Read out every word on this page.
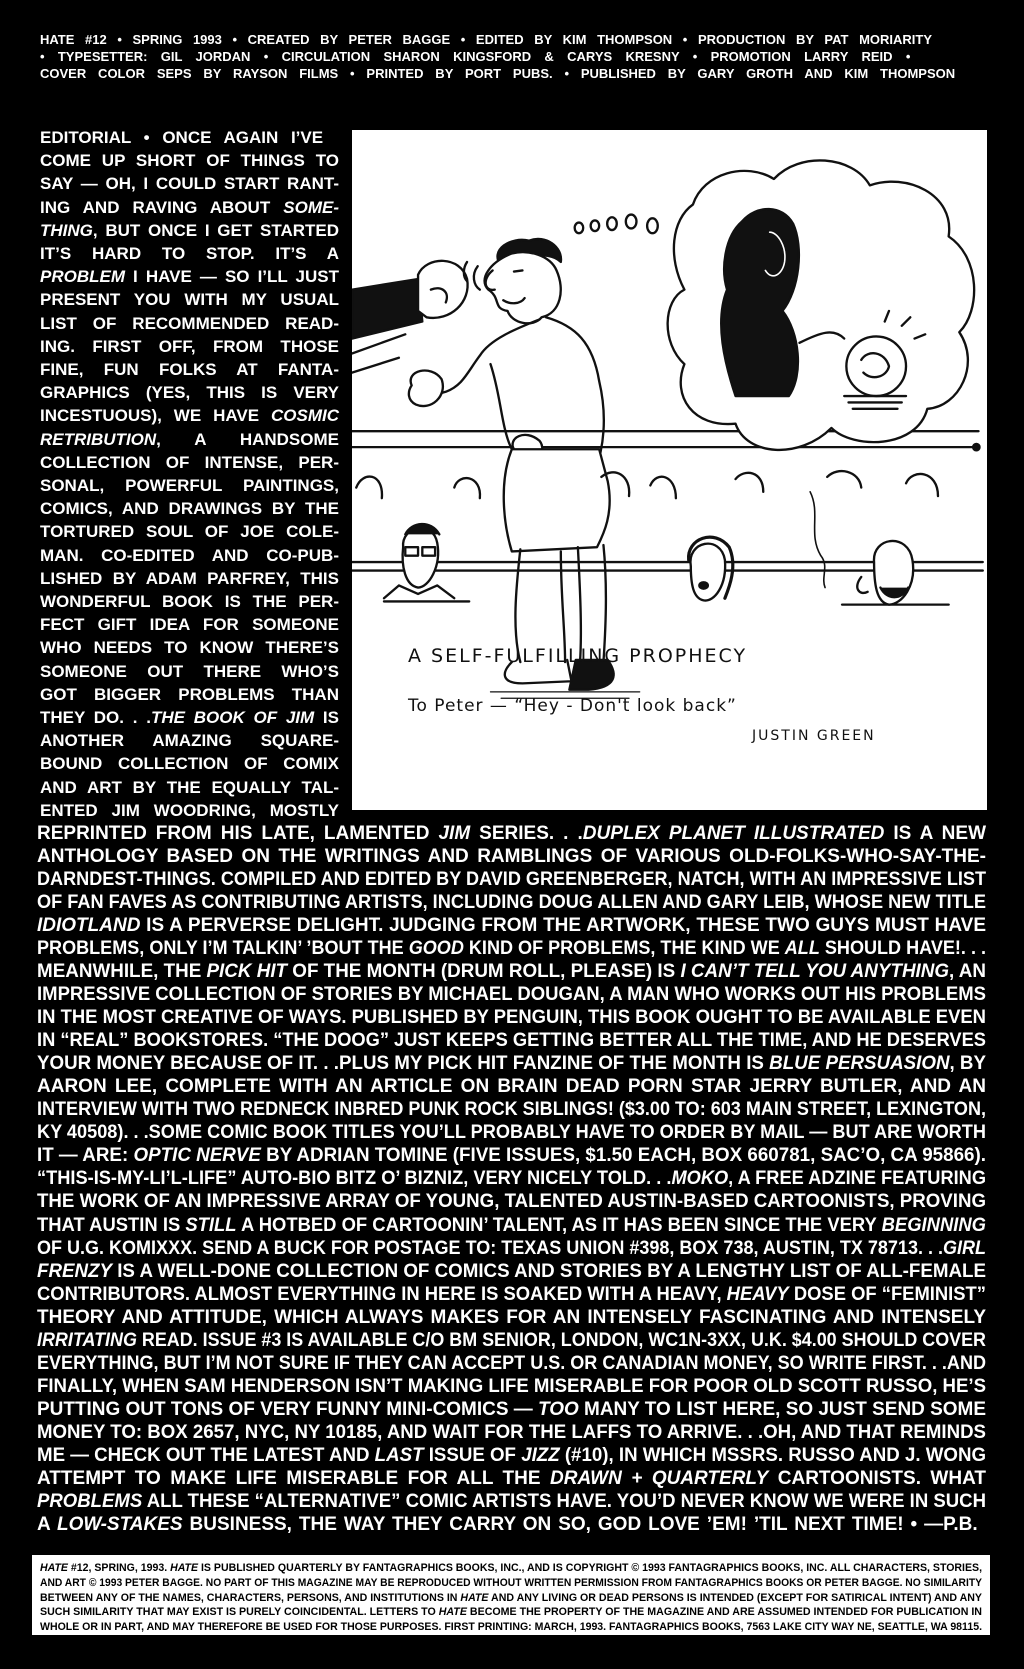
A SELF-FULFILLING PROPHECY
To Peter — “Hey - Don't look back”
JUSTIN GREEN
HATE #12 • SPRING 1993 • CREATED BY PETER BAGGE • EDITED BY KIM THOMPSON • PRODUCTION BY PAT MORIARITY
• TYPESETTER: GIL JORDAN • CIRCULATION SHARON KINGSFORD & CARYS KRESNY • PROMOTION LARRY REID •
COVER COLOR SEPS BY RAYSON FILMS • PRINTED BY PORT PUBS. • PUBLISHED BY GARY GROTH AND KIM THOMPSON
EDITORIAL • ONCE AGAIN I’VE
COME UP SHORT OF THINGS TO
SAY — OH, I COULD START RANT-
ING AND RAVING ABOUT SOME-
THING, BUT ONCE I GET STARTED
IT’S HARD TO STOP. IT’S A
PROBLEM I HAVE — SO I’LL JUST
PRESENT YOU WITH MY USUAL
LIST OF RECOMMENDED READ-
ING. FIRST OFF, FROM THOSE
FINE, FUN FOLKS AT FANTA-
GRAPHICS (YES, THIS IS VERY
INCESTUOUS), WE HAVE COSMIC
RETRIBUTION, A HANDSOME
COLLECTION OF INTENSE, PER-
SONAL, POWERFUL PAINTINGS,
COMICS, AND DRAWINGS BY THE
TORTURED SOUL OF JOE COLE-
MAN. CO-EDITED AND CO-PUB-
LISHED BY ADAM PARFREY, THIS
WONDERFUL BOOK IS THE PER-
FECT GIFT IDEA FOR SOMEONE
WHO NEEDS TO KNOW THERE’S
SOMEONE OUT THERE WHO’S
GOT BIGGER PROBLEMS THAN
THEY DO. . .THE BOOK OF JIM IS
ANOTHER AMAZING SQUARE-
BOUND COLLECTION OF COMIX
AND ART BY THE EQUALLY TAL-
ENTED JIM WOODRING, MOSTLY
REPRINTED FROM HIS LATE, LAMENTED JIM SERIES. . .DUPLEX PLANET ILLUSTRATED IS A NEW
ANTHOLOGY BASED ON THE WRITINGS AND RAMBLINGS OF VARIOUS OLD-FOLKS-WHO-SAY-THE-
DARNDEST-THINGS. COMPILED AND EDITED BY DAVID GREENBERGER, NATCH, WITH AN IMPRESSIVE LIST
OF FAN FAVES AS CONTRIBUTING ARTISTS, INCLUDING DOUG ALLEN AND GARY LEIB, WHOSE NEW TITLE
IDIOTLAND IS A PERVERSE DELIGHT. JUDGING FROM THE ARTWORK, THESE TWO GUYS MUST HAVE
PROBLEMS, ONLY I’M TALKIN’ ’BOUT THE GOOD KIND OF PROBLEMS, THE KIND WE ALL SHOULD HAVE!. . .
MEANWHILE, THE PICK HIT OF THE MONTH (DRUM ROLL, PLEASE) IS I CAN’T TELL YOU ANYTHING, AN
IMPRESSIVE COLLECTION OF STORIES BY MICHAEL DOUGAN, A MAN WHO WORKS OUT HIS PROBLEMS
IN THE MOST CREATIVE OF WAYS. PUBLISHED BY PENGUIN, THIS BOOK OUGHT TO BE AVAILABLE EVEN
IN “REAL” BOOKSTORES. “THE DOOG” JUST KEEPS GETTING BETTER ALL THE TIME, AND HE DESERVES
YOUR MONEY BECAUSE OF IT. . .PLUS MY PICK HIT FANZINE OF THE MONTH IS BLUE PERSUASION, BY
AARON LEE, COMPLETE WITH AN ARTICLE ON BRAIN DEAD PORN STAR JERRY BUTLER, AND AN
INTERVIEW WITH TWO REDNECK INBRED PUNK ROCK SIBLINGS! ($3.00 TO: 603 MAIN STREET, LEXINGTON,
KY 40508). . .SOME COMIC BOOK TITLES YOU’LL PROBABLY HAVE TO ORDER BY MAIL — BUT ARE WORTH
IT — ARE: OPTIC NERVE BY ADRIAN TOMINE (FIVE ISSUES, $1.50 EACH, BOX 660781, SAC’O, CA 95866).
“THIS-IS-MY-LI’L-LIFE” AUTO-BIO BITZ O’ BIZNIZ, VERY NICELY TOLD. . .MOKO, A FREE ADZINE FEATURING
THE WORK OF AN IMPRESSIVE ARRAY OF YOUNG, TALENTED AUSTIN-BASED CARTOONISTS, PROVING
THAT AUSTIN IS STILL A HOTBED OF CARTOONIN’ TALENT, AS IT HAS BEEN SINCE THE VERY BEGINNING
OF U.G. KOMIXXX. SEND A BUCK FOR POSTAGE TO: TEXAS UNION #398, BOX 738, AUSTIN, TX 78713. . .GIRL
FRENZY IS A WELL-DONE COLLECTION OF COMICS AND STORIES BY A LENGTHY LIST OF ALL-FEMALE
CONTRIBUTORS. ALMOST EVERYTHING IN HERE IS SOAKED WITH A HEAVY, HEAVY DOSE OF “FEMINIST”
THEORY AND ATTITUDE, WHICH ALWAYS MAKES FOR AN INTENSELY FASCINATING AND INTENSELY
IRRITATING READ. ISSUE #3 IS AVAILABLE C/O BM SENIOR, LONDON, WC1N-3XX, U.K. $4.00 SHOULD COVER
EVERYTHING, BUT I’M NOT SURE IF THEY CAN ACCEPT U.S. OR CANADIAN MONEY, SO WRITE FIRST. . .AND
FINALLY, WHEN SAM HENDERSON ISN’T MAKING LIFE MISERABLE FOR POOR OLD SCOTT RUSSO, HE’S
PUTTING OUT TONS OF VERY FUNNY MINI-COMICS — TOO MANY TO LIST HERE, SO JUST SEND SOME
MONEY TO: BOX 2657, NYC, NY 10185, AND WAIT FOR THE LAFFS TO ARRIVE. . .OH, AND THAT REMINDS
ME — CHECK OUT THE LATEST AND LAST ISSUE OF JIZZ (#10), IN WHICH MSSRS. RUSSO AND J. WONG
ATTEMPT TO MAKE LIFE MISERABLE FOR ALL THE DRAWN + QUARTERLY CARTOONISTS. WHAT
PROBLEMS ALL THESE “ALTERNATIVE” COMIC ARTISTS HAVE. YOU’D NEVER KNOW WE WERE IN SUCH
A LOW-STAKES BUSINESS, THE WAY THEY CARRY ON SO, GOD LOVE ’EM! ’TIL NEXT TIME! • —P.B.
HATE #12, SPRING, 1993. HATE IS PUBLISHED QUARTERLY BY FANTAGRAPHICS BOOKS, INC., AND IS COPYRIGHT © 1993 FANTAGRAPHICS BOOKS, INC. ALL CHARACTERS, STORIES,
AND ART © 1993 PETER BAGGE. NO PART OF THIS MAGAZINE MAY BE REPRODUCED WITHOUT WRITTEN PERMISSION FROM FANTAGRAPHICS BOOKS OR PETER BAGGE. NO SIMILARITY
BETWEEN ANY OF THE NAMES, CHARACTERS, PERSONS, AND INSTITUTIONS IN HATE AND ANY LIVING OR DEAD PERSONS IS INTENDED (EXCEPT FOR SATIRICAL INTENT) AND ANY
SUCH SIMILARITY THAT MAY EXIST IS PURELY COINCIDENTAL. LETTERS TO HATE BECOME THE PROPERTY OF THE MAGAZINE AND ARE ASSUMED INTENDED FOR PUBLICATION IN
WHOLE OR IN PART, AND MAY THEREFORE BE USED FOR THOSE PURPOSES. FIRST PRINTING: MARCH, 1993. FANTAGRAPHICS BOOKS, 7563 LAKE CITY WAY NE, SEATTLE, WA 98115.
